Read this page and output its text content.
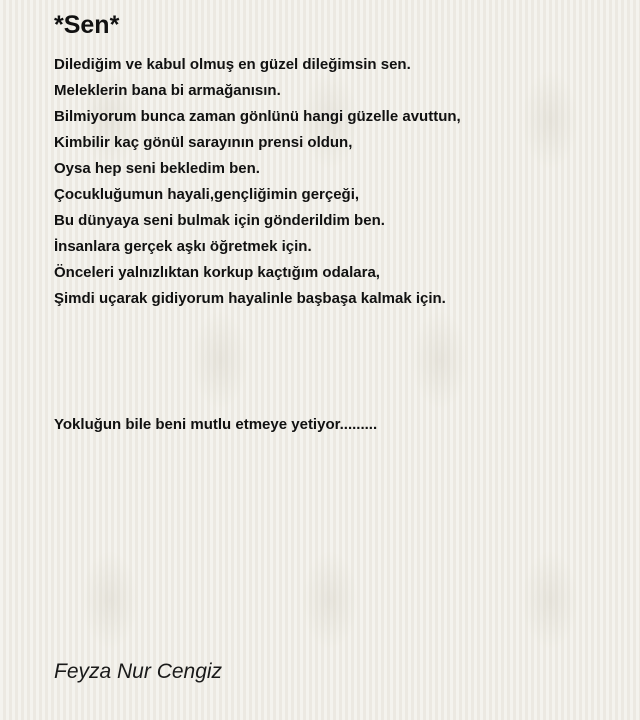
*Sen*
Dilediğim ve kabul olmuş en güzel dileğimsin sen.
Meleklerin bana bi armağanısın.
Bilmiyorum bunca zaman gönlünü hangi güzelle avuttun,
Kimbilir kaç gönül sarayının prensi oldun,
Oysa hep seni bekledim ben.
Çocukluğumun hayali,gençliğimin gerçeği,
Bu dünyaya seni bulmak için gönderildim ben.
İnsanlara gerçek aşkı öğretmek için.
Önceleri yalnızlıktan korkup kaçtığım odalara,
Şimdi uçarak gidiyorum hayalinle başbaşa kalmak için.
Yokluğun bile beni mutlu etmeye yetiyor.........
Feyza Nur Cengiz
